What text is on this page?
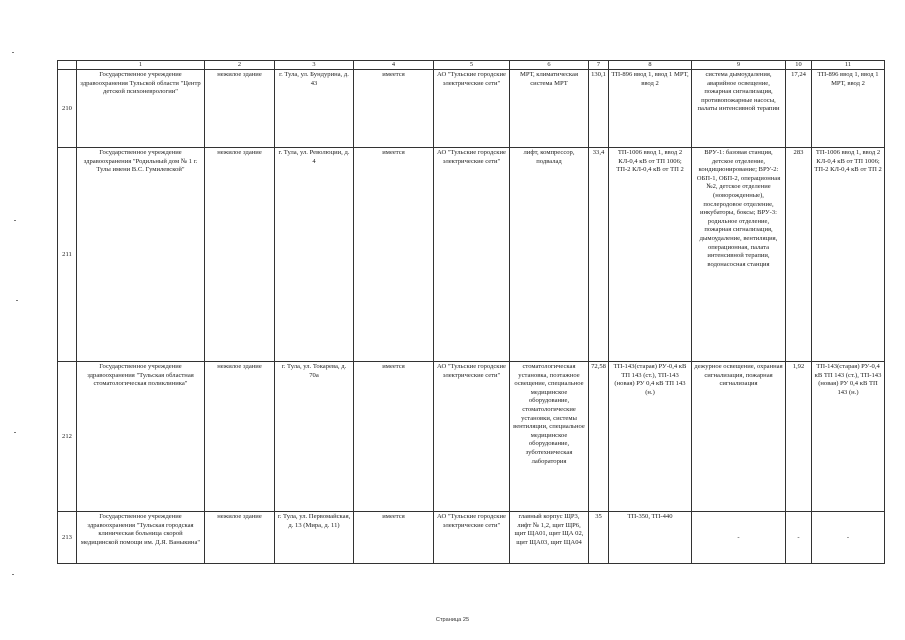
	1	2	3	4	5	6	7	8	9	10	11
210	Государственное учреждение здравоохранения Тульской области "Центр детской психоневрологии"	нежилое здание	г. Тула, ул. Бундурина, д. 43	имеется	АО "Тульские городские электрические сети"	МРТ, климатическая система МРТ	130,1	ТП-896 ввод 1, ввод 1 МРТ, ввод 2	система дымоудаления, аварийное освещение, пожарная сигнализация, противопожарные насосы, палаты интенсивной терапии	17,24	ТП-896 ввод 1, ввод 1 МРТ, ввод 2
211	Государственное учреждение здравоохранения "Родильный дом № 1 г. Тулы имени В.С. Гумилевской"	нежилое здание	г. Тула, ул. Революции, д. 4	имеется	АО "Тульские городские электрические сети"	лифт, компрессор, подвалад	33,4	ТП-1006 ввод 1, ввод 2 КЛ-0,4 кВ от ТП 1006; ТП-2 КЛ-0,4 кВ от ТП 2	ВРУ-1: базовая станция, детское отделение, кондиционирование; ВРУ-2: ОБП-1, ОБП-2, операционная №2, детское отделение (новорожденные), послеродовое отделение, инкубаторы, боксы; ВРУ-3: родильное отделение, пожарная сигнализация, дымоудаление, вентиляция, операционная, палата интенсивной терапии, водонасосная станция	283	ТП-1006 ввод 1, ввод 2 КЛ-0,4 кВ от ТП 1006; ТП-2 КЛ-0,4 кВ от ТП 2
212	Государственное учреждение здравоохранения "Тульская областная стоматологическая поликлиника"	нежилое здание	г. Тула, ул. Токарева, д. 70а	имеется	АО "Тульские городские электрические сети"	стоматологическая установка, поэтажное освещение, специальное медицинское оборудование, стоматологические установки, системы вентиляции, специальное медицинское оборудование, зуботехническая лаборатория	72,58	ТП-143(старая) РУ-0,4 кВ ТП 143 (ст.), ТП-143 (новая) РУ 0,4 кВ ТП 143 (н.)	дежурное освещение, охранная сигнализация, пожарная сигнализация	1,92	ТП-143(старая) РУ-0,4 кВ ТП 143 (ст.), ТП-143 (новая) РУ 0,4 кВ ТП 143 (н.)
213	Государственное учреждение здравоохранения "Тульская городская клиническая больница скорой медицинской помощи им. Д.Я. Ваныкина"	нежилое здание	г. Тула, ул. Первомайская, д. 13 (Мира, д. 11)	имеется	АО "Тульские городские электрические сети"	главный корпус ЩР3, лифт № 1,2, щит ЩР6, щит ЩА01, щит ЩА 02, щит ЩА03, щит ЩА04	35	ТП-350, ТП-440	-	-	-
Страница 25
